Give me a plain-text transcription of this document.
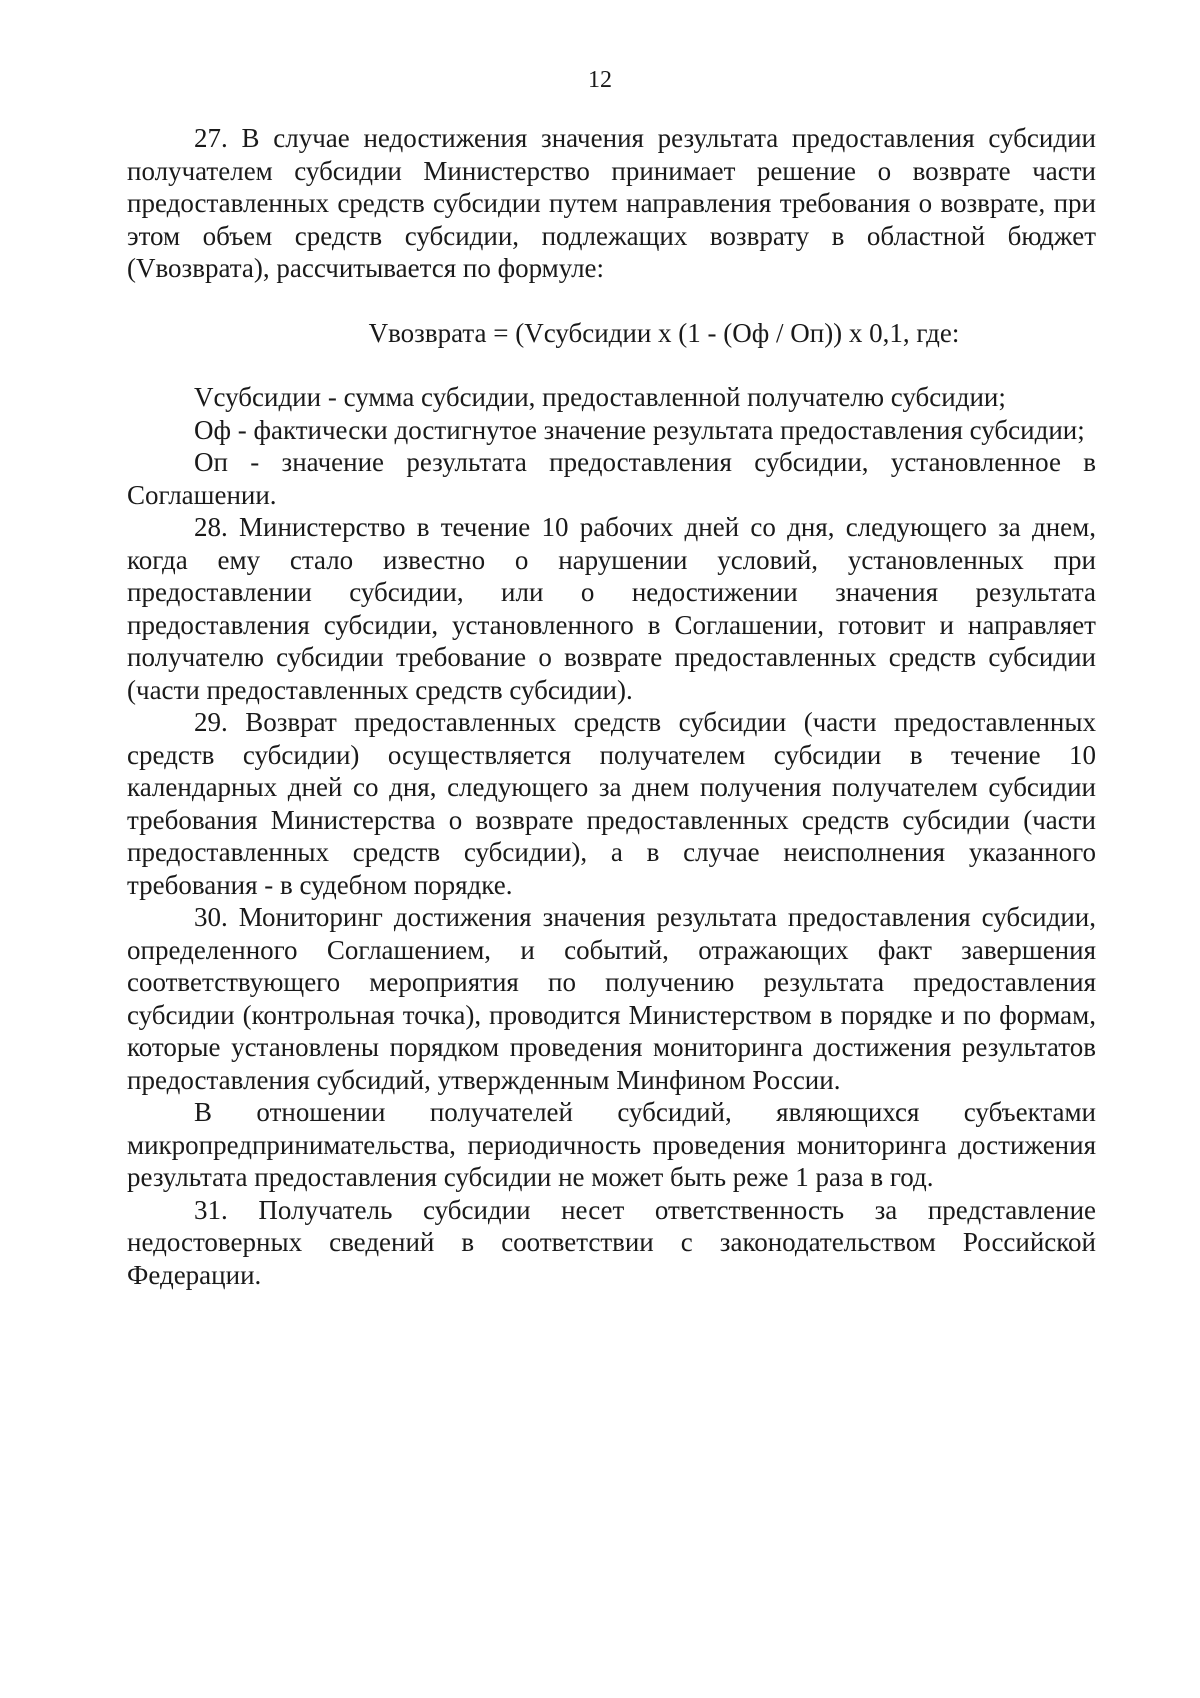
12

27. В случае недостижения значения результата предоставления субсидии получателем субсидии Министерство принимает решение о возврате части предоставленных средств субсидии путем направления требования о возврате, при этом объем средств субсидии, подлежащих возврату в областной бюджет (Vвозврата), рассчитывается по формуле:

Vвозврата = (Vсубсидии х (1 - (Оф / Оп)) х 0,1, где:

Vсубсидии - сумма субсидии, предоставленной получателю субсидии;

Оф - фактически достигнутое значение результата предоставления субсидии;

Оп - значение результата предоставления субсидии, установленное в Соглашении.

28. Министерство в течение 10 рабочих дней со дня, следующего за днем, когда ему стало известно о нарушении условий, установленных при предоставлении субсидии, или о недостижении значения результата предоставления субсидии, установленного в Соглашении, готовит и направляет получателю субсидии требование о возврате предоставленных средств субсидии (части предоставленных средств субсидии).

29. Возврат предоставленных средств субсидии (части предоставленных средств субсидии) осуществляется получателем субсидии в течение 10 календарных дней со дня, следующего за днем получения получателем субсидии требования Министерства о возврате предоставленных средств субсидии (части предоставленных средств субсидии), а в случае неисполнения указанного требования - в судебном порядке.

30. Мониторинг достижения значения результата предоставления субсидии, определенного Соглашением, и событий, отражающих факт завершения соответствующего мероприятия по получению результата предоставления субсидии (контрольная точка), проводится Министерством в порядке и по формам, которые установлены порядком проведения мониторинга достижения результатов предоставления субсидий, утвержденным Минфином России.

В отношении получателей субсидий, являющихся субъектами микропредпринимательства, периодичность проведения мониторинга достижения результата предоставления субсидии не может быть реже 1 раза в год.

31. Получатель субсидии несет ответственность за представление недостоверных сведений в соответствии с законодательством Российской Федерации.
